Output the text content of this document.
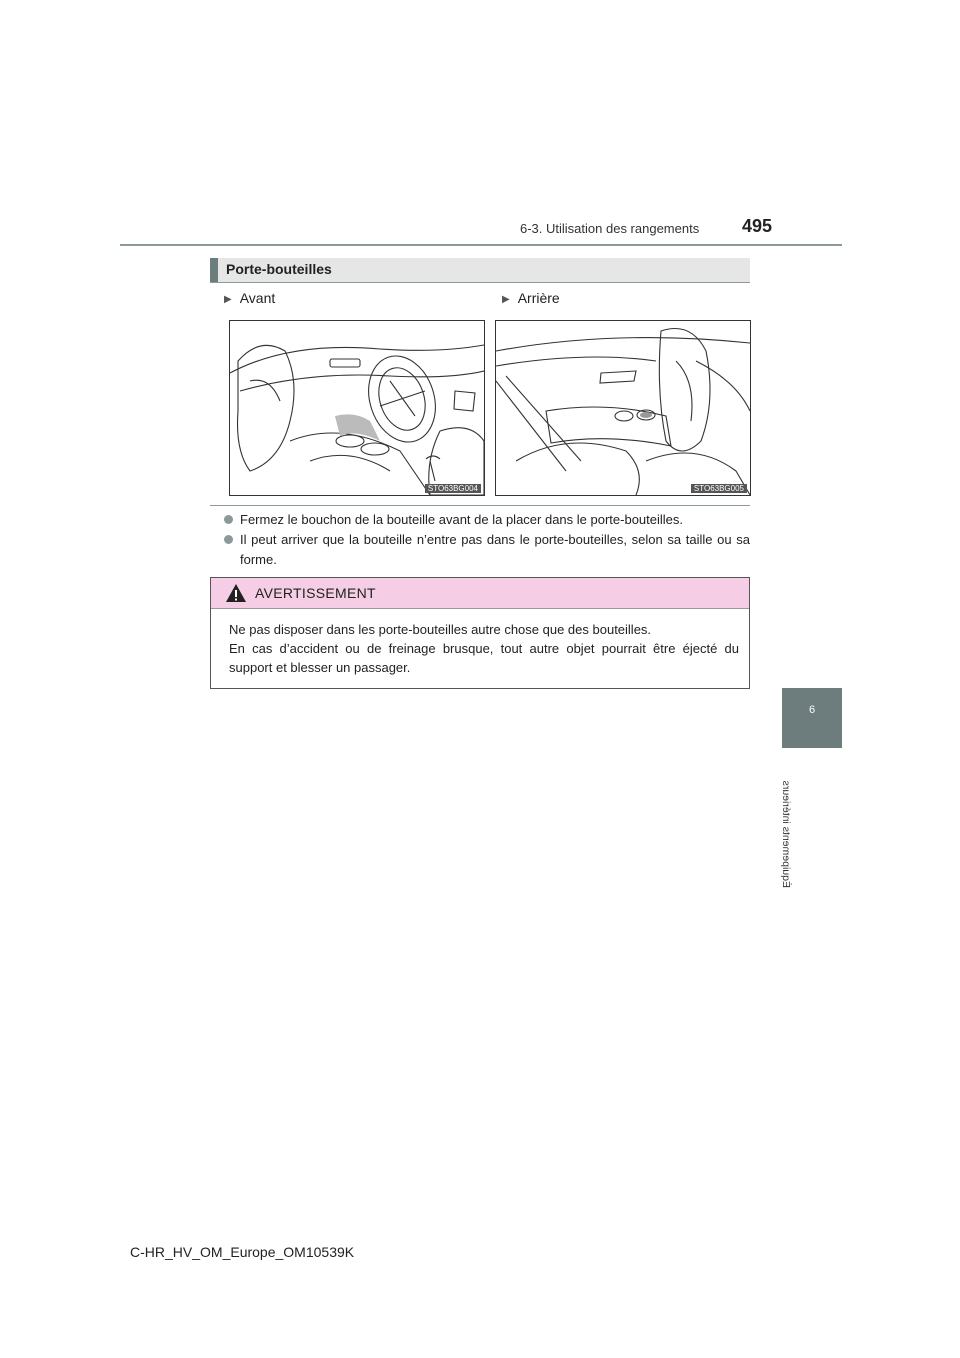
6-3. Utilisation des rangements 495
6
Équipements intérieurs
Porte-bouteilles
▶ Avant	▶ Arrière
STO63BG004	STO63BG005
Fermez le bouchon de la bouteille avant de la placer dans le porte-bouteilles.
Il peut arriver que la bouteille n’entre pas dans le porte-bouteilles, selon sa taille ou sa forme.
AVERTISSEMENT

Ne pas disposer dans les porte-bouteilles autre chose que des bouteilles.

En cas d’accident ou de freinage brusque, tout autre objet pourrait être éjecté du support et blesser un passager.

C-HR_HV_OM_Europe_OM10539K
